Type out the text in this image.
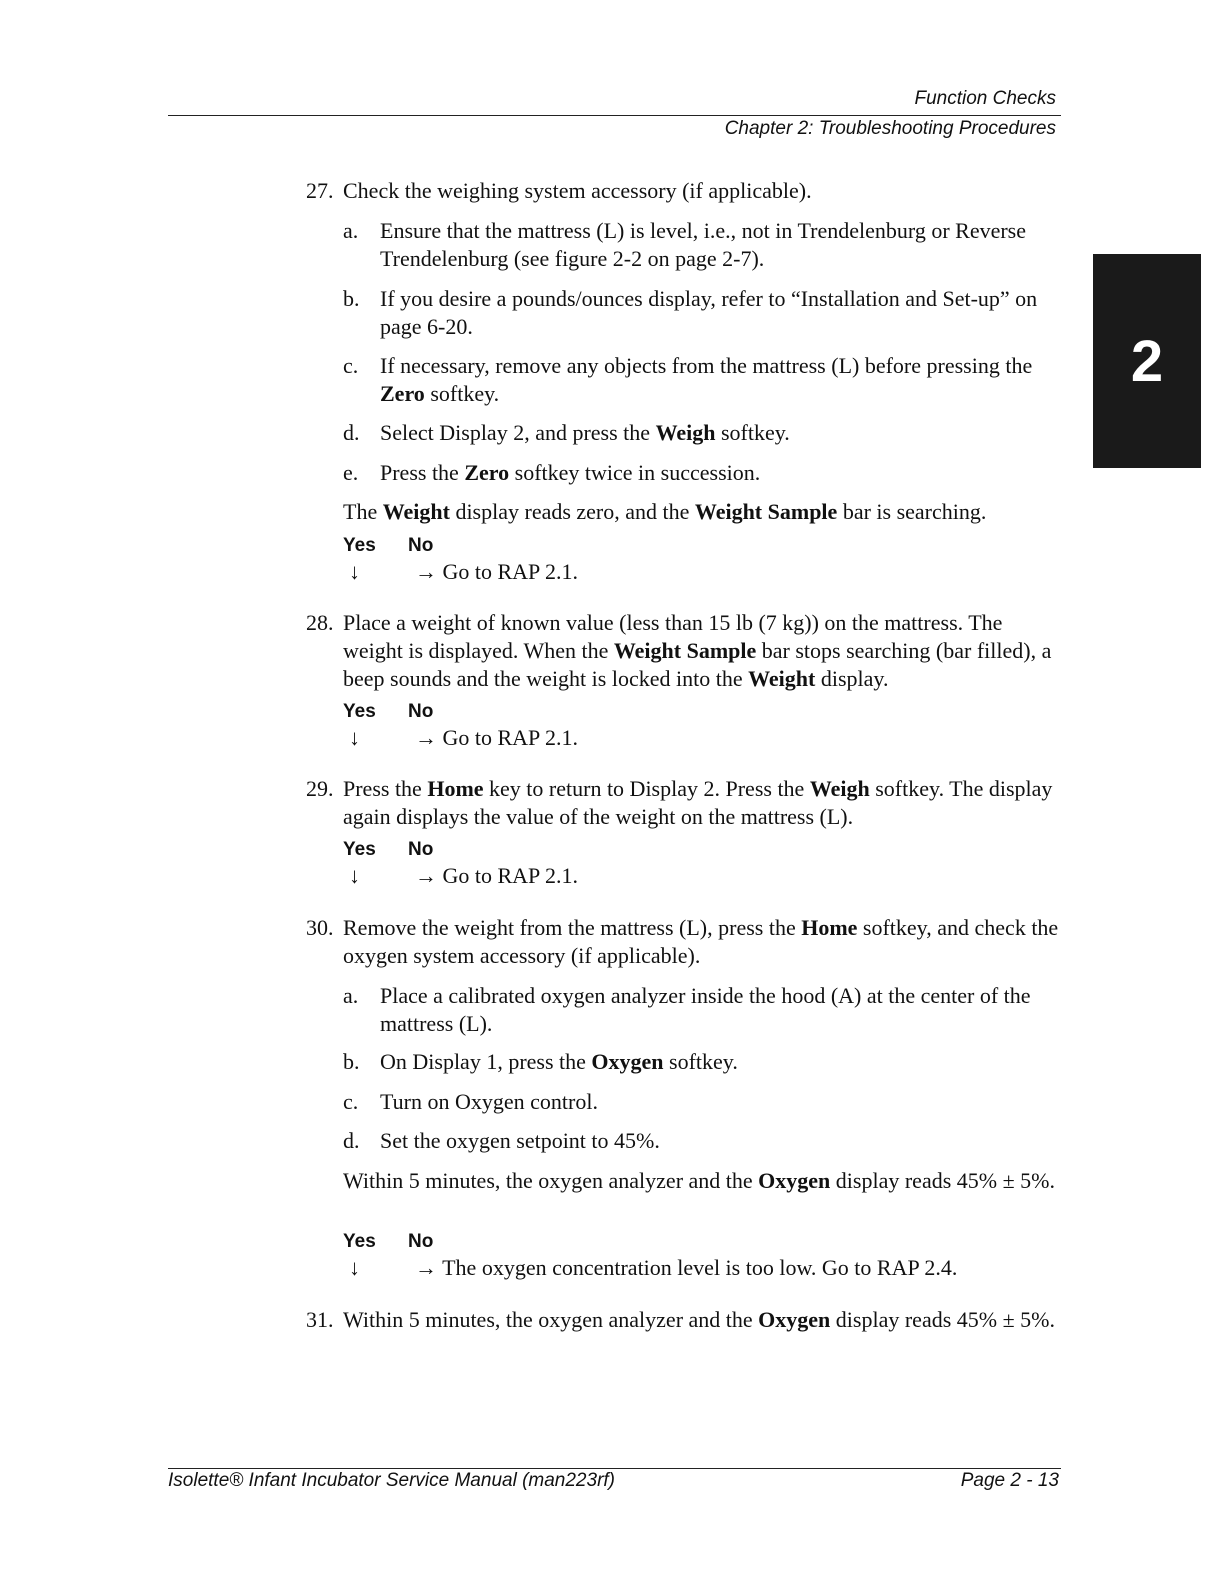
Function Checks
Chapter 2: Troubleshooting Procedures
2
27. Check the weighing system accessory (if applicable).
a. Ensure that the mattress (L) is level, i.e., not in Trendelenburg or Reverse Trendelenburg (see figure 2-2 on page 2-7).
b. If you desire a pounds/ounces display, refer to “Installation and Set-up” on page 6-20.
c. If necessary, remove any objects from the mattress (L) before pressing the Zero softkey.
d. Select Display 2, and press the Weigh softkey.
e. Press the Zero softkey twice in succession.
The Weight display reads zero, and the Weight Sample bar is searching.
Yes No
↓	→ Go to RAP 2.1.
28. Place a weight of known value (less than 15 lb (7 kg)) on the mattress. The weight is displayed. When the Weight Sample bar stops searching (bar filled), a beep sounds and the weight is locked into the Weight display.
Yes No
↓	→ Go to RAP 2.1.
29. Press the Home key to return to Display 2. Press the Weigh softkey. The display again displays the value of the weight on the mattress (L).
Yes No
↓	→ Go to RAP 2.1.
30. Remove the weight from the mattress (L), press the Home softkey, and check the oxygen system accessory (if applicable).
a. Place a calibrated oxygen analyzer inside the hood (A) at the center of the mattress (L).
b. On Display 1, press the Oxygen softkey.
c. Turn on Oxygen control.
d. Set the oxygen setpoint to 45%.
Within 5 minutes, the oxygen analyzer and the Oxygen display reads 45% ± 5%.
Yes No
↓	→ The oxygen concentration level is too low. Go to RAP 2.4.
31. Within 5 minutes, the oxygen analyzer and the Oxygen display reads 45% ± 5%.
Isolette® Infant Incubator Service Manual (man223rf)	Page 2 - 13
